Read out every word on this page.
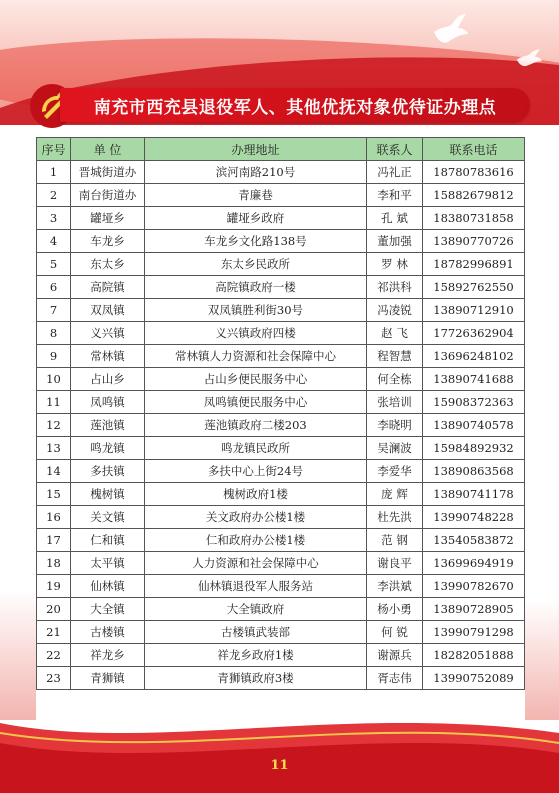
南充市西充县退役军人、其他优抚对象优待证办理点
序号	单 位	办理地址	联系人	联系电话
1	晋城街道办	滨河南路210号	冯礼正	18780783616
2	南台街道办	青廉巷	李和平	15882679812
3	罐垭乡	罐垭乡政府	孔 斌	18380731858
4	车龙乡	车龙乡文化路138号	董加强	13890770726
5	东太乡	东太乡民政所	罗 林	18782996891
6	高院镇	高院镇政府一楼	祁洪科	15892762550
7	双凤镇	双凤镇胜利街30号	冯凌锐	13890712910
8	义兴镇	义兴镇政府四楼	赵 飞	17726362904
9	常林镇	常林镇人力资源和社会保障中心	程智慧	13696248102
10	占山乡	占山乡便民服务中心	何全栋	13890741688
11	凤鸣镇	凤鸣镇便民服务中心	张培训	15908372363
12	莲池镇	莲池镇政府二楼203	李晓明	13890740578
13	鸣龙镇	鸣龙镇民政所	吴澜波	15984892932
14	多扶镇	多扶中心上街24号	李爱华	13890863568
15	槐树镇	槐树政府1楼	庞 辉	13890741178
16	关文镇	关文政府办公楼1楼	杜先洪	13990748228
17	仁和镇	仁和政府办公楼1楼	范 钢	13540583872
18	太平镇	人力资源和社会保障中心	谢良平	13699694919
19	仙林镇	仙林镇退役军人服务站	李洪斌	13990782670
20	大全镇	大全镇政府	杨小勇	13890728905
21	古楼镇	古楼镇武装部	何 锐	13990791298
22	祥龙乡	祥龙乡政府1楼	谢源兵	18282051888
23	青狮镇	青狮镇政府3楼	胥志伟	13990752089
11
